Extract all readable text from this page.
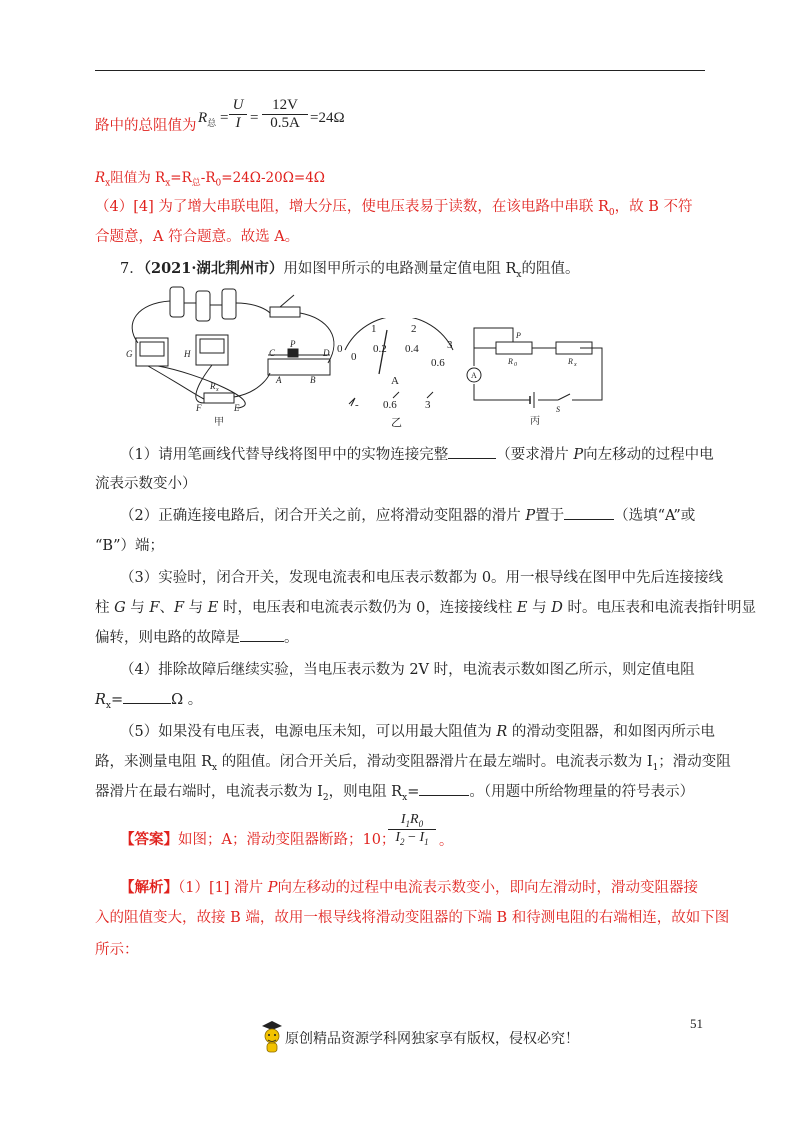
路中的总阻值为 $R_总 = \frac{U}{I} = \frac{12V}{0.5A} =24\Omega$
$R_x$阻值为 $R_x=R_总-R_0=24\Omega-20\Omega=4\Omega$
（4）[4] 为了增大串联电阻，增大分压，使电压表易于读数，在该电路中串联 $R_0$，故 B 不符
合题意，A 符合题意。故选 A。
7．（2021·湖北荆州市）用如图甲所示的电路测量定值电阻 $R_x$的阻值。
G	H	C
P
D
A	B
R x
F	E
甲
1	2
3
0
0
0.2 0.4
0.6
A
- 0.6	3
乙
P
R 0	R x
A
S
丙
（1）请用笔画线代替导线将图甲中的实物连接完整	（要求滑片 P向左移动的过程中电
流表示数变小）
（2）正确连接电路后，闭合开关之前，应将滑动变阻器的滑片 P置于	（选填“A”或
“B”）端；
（3）实验时，闭合开关，发现电流表和电压表示数都为 0。用一根导线在图甲中先后连接接线
柱 G 与 F、F 与 E 时，电压表和电流表示数仍为 0，连接接线柱 E 与 D 时。电压表和电流表指针明显
偏转，则电路的故障是	。
（4）排除故障后继续实验，当电压表示数为 2V 时，电流表示数如图乙所示，则定值电阻
$R_x=$	Ω 。
（5）如果没有电压表，电源电压未知，可以用最大阻值为 R 的滑动变阻器，和如图丙所示电
路，来测量电阻 $R_x$ 的阻值。闭合开关后，滑动变阻器滑片在最左端时。电流表示数为 $I_1$；滑动变阻
器滑片在最右端时，电流表示数为 $I_2$，则电阻 $R_x=$	。（用题中所给物理量的符号表示）
【答案】如图；A；滑动变阻器断路；10；
$\frac{I_1R_0}{I_2 - I_1}$ 。
【解析】（1）[1] 滑片 P向左移动的过程中电流表示数变小，即向左滑动时，滑动变阻器接
入的阻值变大，故接 B 端，故用一根导线将滑动变阻器的下端 B 和待测电阻的右端相连，故如下图
所示：
51
原创精品资源学科网独家享有版权，侵权必究！
